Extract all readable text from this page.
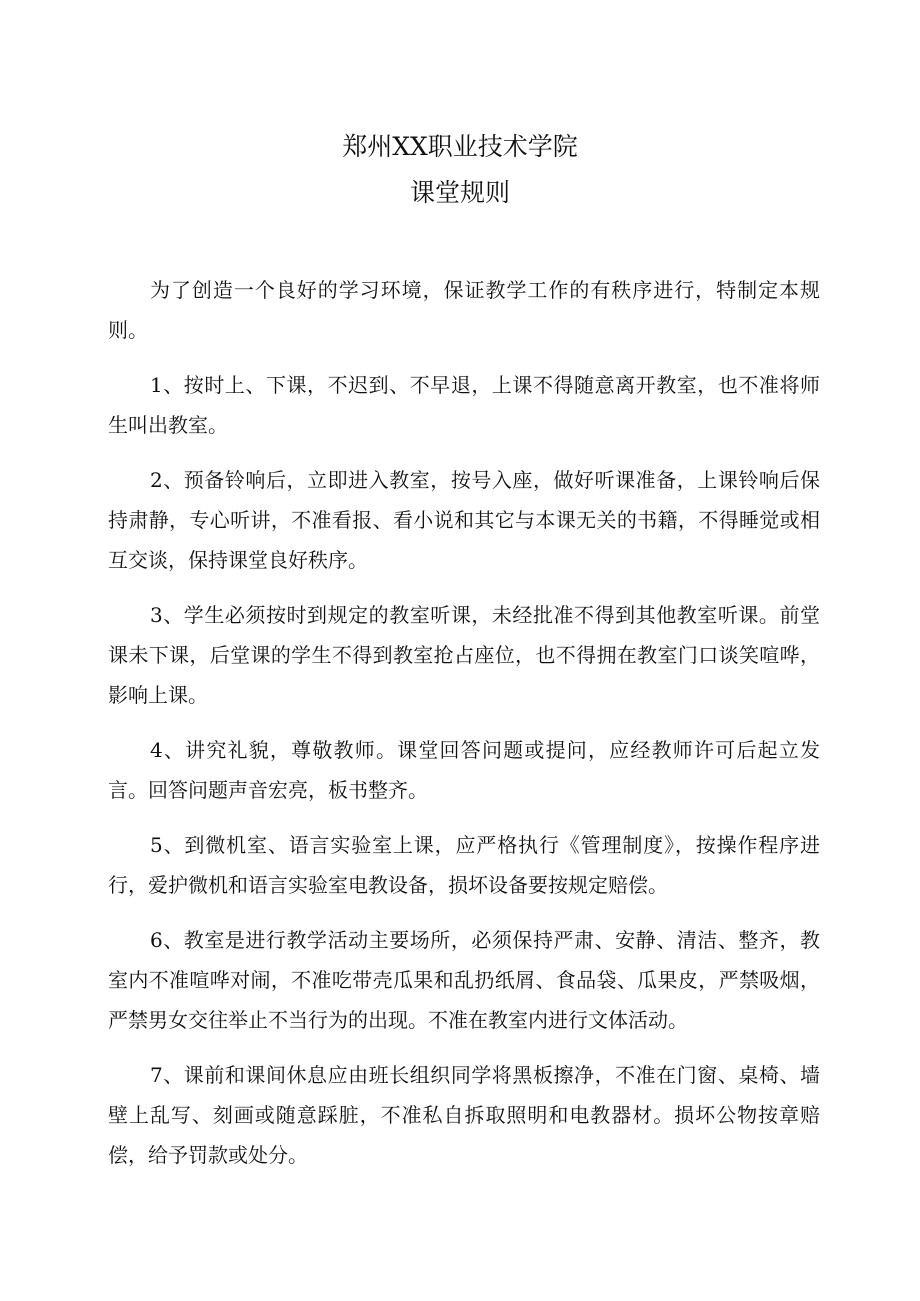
郑州XX职业技术学院
课堂规则

为了创造一个良好的学习环境，保证教学工作的有秩序进行，特制定本规则。

1、按时上、下课，不迟到、不早退，上课不得随意离开教室，也不准将师生叫出教室。

2、预备铃响后，立即进入教室，按号入座，做好听课准备，上课铃响后保持肃静，专心听讲，不准看报、看小说和其它与本课无关的书籍，不得睡觉或相互交谈，保持课堂良好秩序。

3、学生必须按时到规定的教室听课，未经批准不得到其他教室听课。前堂课未下课，后堂课的学生不得到教室抢占座位，也不得拥在教室门口谈笑喧哗，影响上课。

4、讲究礼貌，尊敬教师。课堂回答问题或提问，应经教师许可后起立发言。回答问题声音宏亮，板书整齐。

5、到微机室、语言实验室上课，应严格执行《管理制度》，按操作程序进行，爱护微机和语言实验室电教设备，损坏设备要按规定赔偿。

6、教室是进行教学活动主要场所，必须保持严肃、安静、清洁、整齐，教室内不准喧哗对闹，不准吃带壳瓜果和乱扔纸屑、食品袋、瓜果皮，严禁吸烟，严禁男女交往举止不当行为的出现。不准在教室内进行文体活动。

7、课前和课间休息应由班长组织同学将黑板擦净，不准在门窗、桌椅、墙壁上乱写、刻画或随意踩脏，不准私自拆取照明和电教器材。损坏公物按章赔偿，给予罚款或处分。
